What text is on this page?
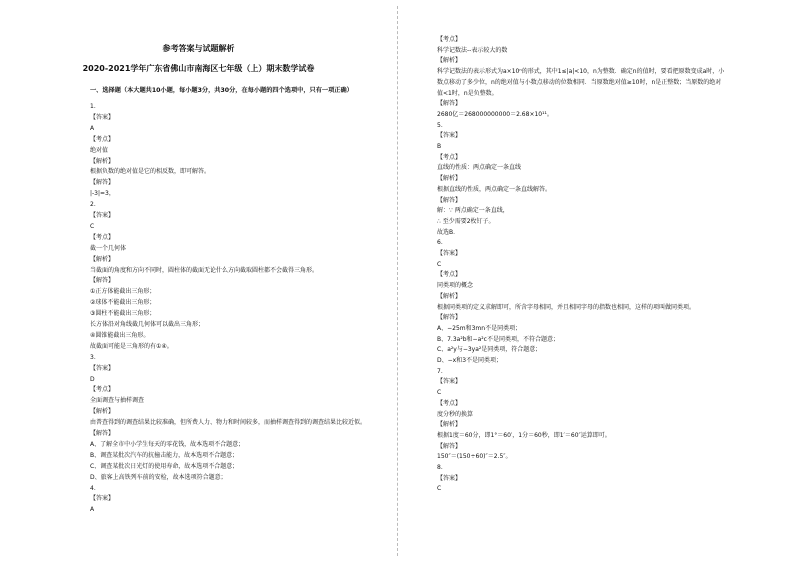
参考答案与试题解析
2020-2021学年广东省佛山市南海区七年级（上）期末数学试卷
一、选择题（本大题共10小题，每小题3分，共30分，在每小题的四个选项中，只有一项正确）
1.
【答案】
A
【考点】
绝对值
【解析】
根据负数的绝对值是它的相反数，即可解答。
【解答】
|-3|=3，
2.
【答案】
C
【考点】
截一个几何体
【解析】
当截面的角度和方向不同时，圆柱体的截面无论什么方向截取圆柱都不会截得三角形。
【解答】
①正方体能截出三角形；
②球体不能截出三角形；
③圆柱不能截出三角形；
长方体沿对角线截几何体可以截出三角形；
④圆锥能截出三角形。
故截面可能是三角形的有①④。
3.
【答案】
D
【考点】
全面调查与抽样调查
【解析】
由普查得到的调查结果比较准确，但所费人力、物力和时间较多，而抽样调查得到的调查结果比较近似。
【解答】
A、了解全市中小学生每天的零花钱，故本选项不合题意；
B、调查某批次汽车的抗撞击能力，故本选项不合题意；
C、调查某批次日光灯的使用寿命，故本选项不合题意；
D、旅客上高铁列车前的安检，故本选项符合题意；
4.
【答案】
A
【考点】
科学记数法--表示较大的数
【解析】
科学记数法的表示形式为a×10ⁿ的形式，其中1≤|a|<10，n为整数．确定n的值时，要看把原数变成a时，小
数点移动了多少位，n的绝对值与小数点移动的位数相同．当原数绝对值≥10时，n是正整数；当原数的绝对
值<1时，n是负整数。
【解答】
2680亿＝268000000000＝2.68×10¹¹。
5.
【答案】
B
【考点】
直线的性质：两点确定一条直线
【解析】
根据直线的性质，两点确定一条直线解答。
【解答】
解：∵ 两点确定一条直线，
∴ 至少需要2枚钉子。
故选B．
6.
【答案】
C
【考点】
同类项的概念
【解析】
根据同类项的定义求解即可，所含字母相同，并且相同字母的指数也相同，这样的项叫做同类项。
【解答】
A、−25m和3mn不是同类项；
B、7.3a²b和−a²c不是同类项，不符合题意；
C、a²y与−3ya²是同类项，符合题意；
D、−x和3不是同类项；
7.
【答案】
C
【考点】
度分秒的换算
【解析】
根据1度＝60分，即1°＝60′，1分＝60秒，即1′＝60″运算即可。
【解答】
150″＝(150÷60)″＝2.5″。
8.
【答案】
C
